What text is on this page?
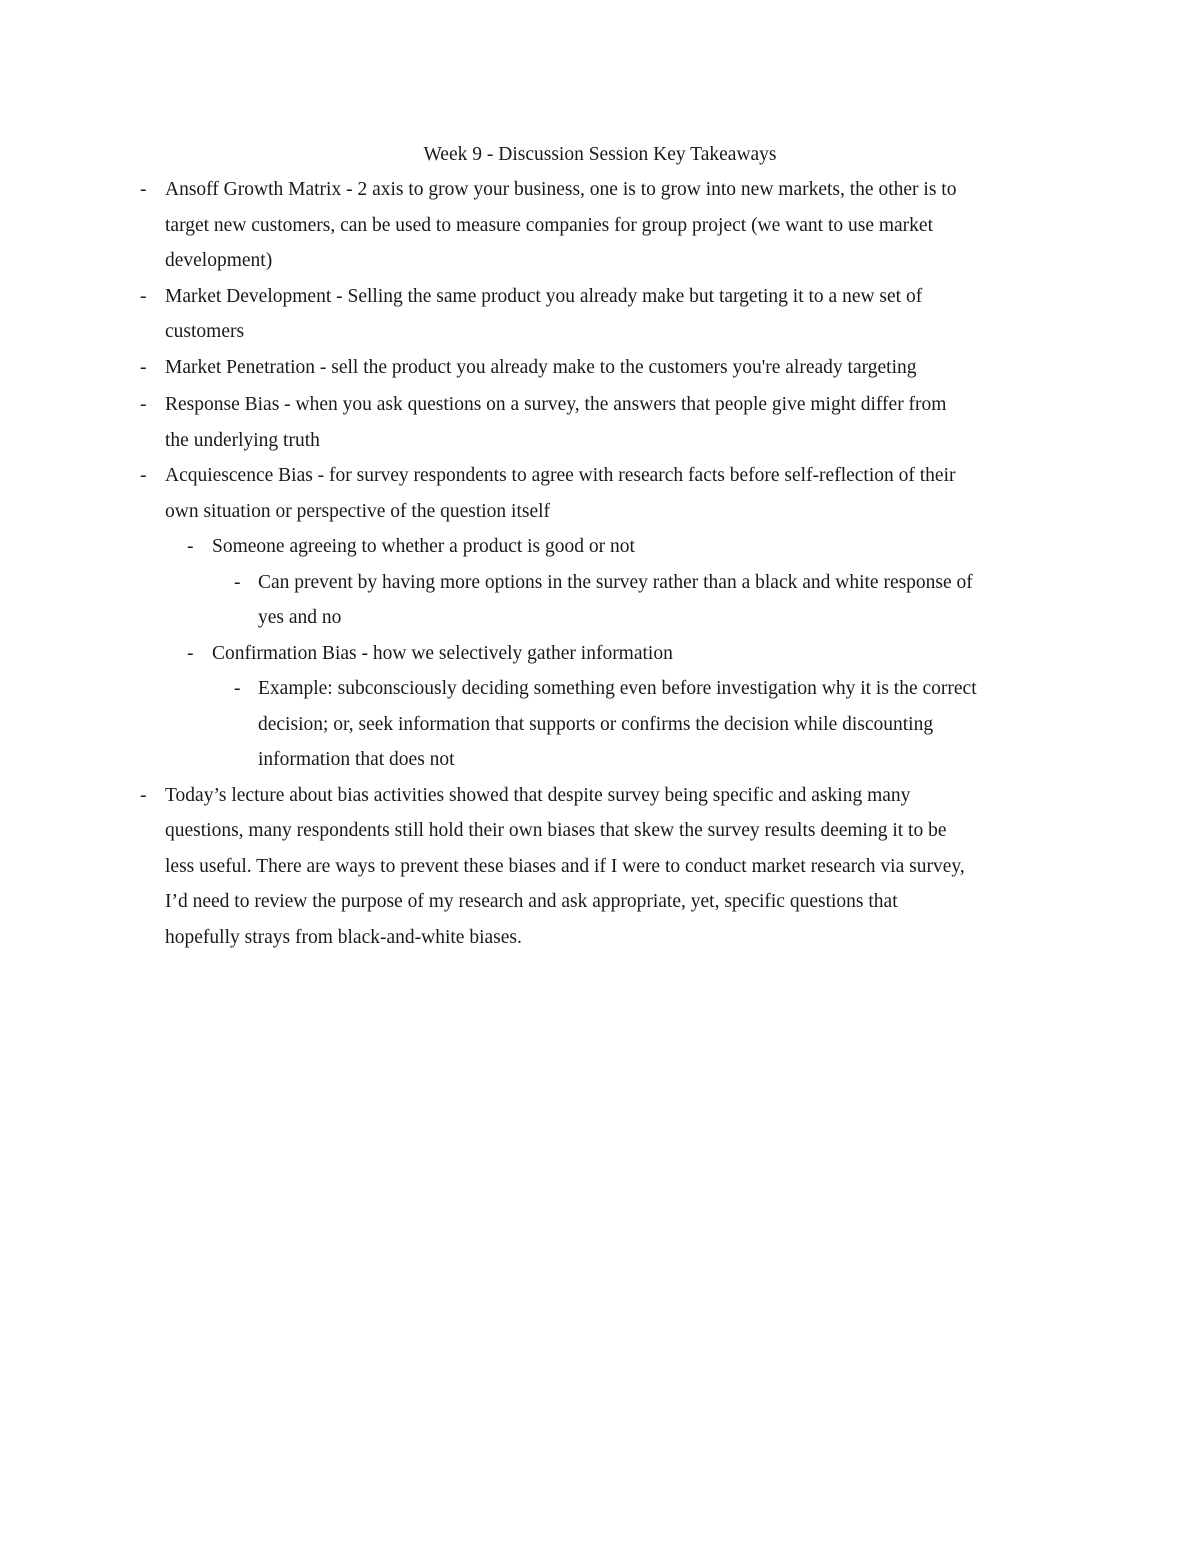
Week 9 - Discussion Session Key Takeaways
- Ansoff Growth Matrix - 2 axis to grow your business, one is to grow into new markets, the other is to
target new customers, can be used to measure companies for group project (we want to use market
development)
- Market Development - Selling the same product you already make but targeting it to a new set of
customers
- Market Penetration - sell the product you already make to the customers you're already targeting
- Response Bias - when you ask questions on a survey, the answers that people give might differ from
the underlying truth
- Acquiescence Bias - for survey respondents to agree with research facts before self-reflection of their
own situation or perspective of the question itself
- Someone agreeing to whether a product is good or not
- Can prevent by having more options in the survey rather than a black and white response of
yes and no
- Confirmation Bias - how we selectively gather information
- Example: subconsciously deciding something even before investigation why it is the correct
decision; or, seek information that supports or confirms the decision while discounting
information that does not
- Today’s lecture about bias activities showed that despite survey being specific and asking many
questions, many respondents still hold their own biases that skew the survey results deeming it to be
less useful. There are ways to prevent these biases and if I were to conduct market research via survey,
I’d need to review the purpose of my research and ask appropriate, yet, specific questions that
hopefully strays from black-and-white biases.
